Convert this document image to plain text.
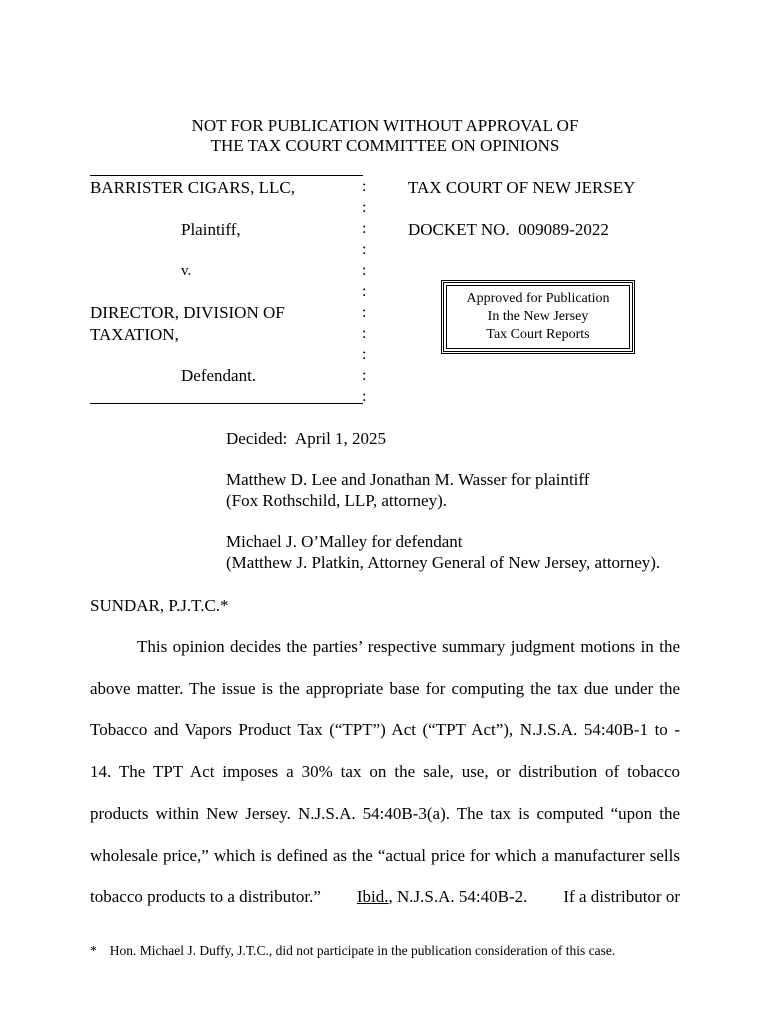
NOT FOR PUBLICATION WITHOUT APPROVAL OF
THE TAX COURT COMMITTEE ON OPINIONS
BARRISTER CIGARS, LLC,
Plaintiff,
v.
DIRECTOR, DIVISION OF
TAXATION,
Defendant.
:
:
:
:
:
:
:
:
:
:
:
TAX COURT OF NEW JERSEY
DOCKET NO.  009089-2022
Approved for Publication
In the New Jersey
Tax Court Reports
Decided:  April 1, 2025
Matthew D. Lee and Jonathan M. Wasser for plaintiff
(Fox Rothschild, LLP, attorney).
Michael J. O’Malley for defendant
(Matthew J. Platkin, Attorney General of New Jersey, attorney).
SUNDAR, P.J.T.C.*
This opinion decides the parties’ respective summary judgment motions in the
above matter. The issue is the appropriate base for computing the tax due under the
Tobacco and Vapors Product Tax (“TPT”) Act (“TPT Act”), N.J.S.A. 54:40B-1 to -
14. The TPT Act imposes a 30% tax on the sale, use, or distribution of tobacco
products within New Jersey. N.J.S.A. 54:40B-3(a). The tax is computed “upon the
wholesale price,” which is defined as the “actual price for which a manufacturer sells
tobacco products to a distributor.” Ibid., N.J.S.A. 54:40B-2. If a distributor or
* Hon. Michael J. Duffy, J.T.C., did not participate in the publication consideration of this case.
